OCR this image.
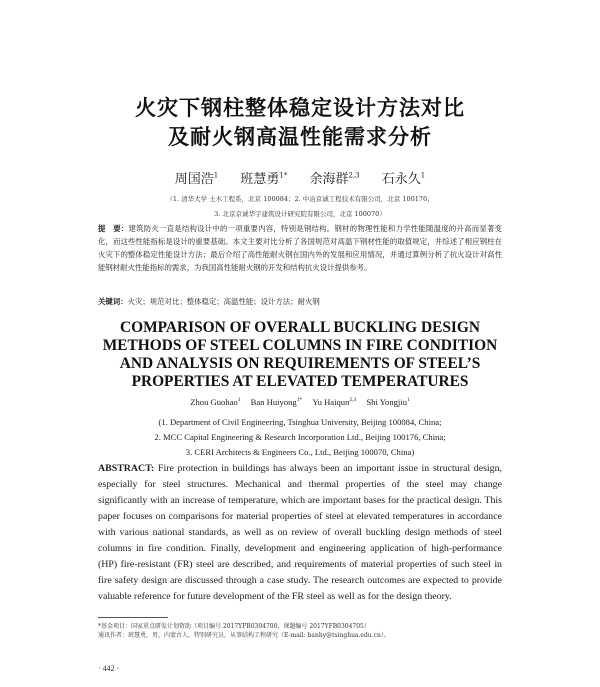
火灾下钢柱整体稳定设计方法对比
及耐火钢高温性能需求分析
周国浩$^1$ 班慧勇$^{1*}$ 余海群$^{2,3}$ 石永久$^1$
（1. 清华大学 土木工程系，北京 100084；2. 中冶京诚工程技术有限公司，北京 100176；
3. 北京京诚华宇建筑设计研究院有限公司，北京 100070）
提　要：建筑防火一直是结构设计中的一项重要内容，特别是钢结构。钢材的物理性能和力学性能随温度的升高而显著变化，而这些性能指标是设计的重要基础。本文主要对比分析了各国规范对高温下钢材性能的取值规定，并综述了相应钢柱在火灾下的整体稳定性能设计方法；最后介绍了高性能耐火钢在国内外的发展和应用情况，并通过算例分析了抗火设计对高性能钢材耐火性能指标的需求，为我国高性能耐火钢的开发和结构抗火设计提供参考。
关键词：火灾；规范对比；整体稳定；高温性能；设计方法；耐火钢
COMPARISON OF OVERALL BUCKLING DESIGN
METHODS OF STEEL COLUMNS IN FIRE CONDITION
AND ANALYSIS ON REQUIREMENTS OF STEEL’S
PROPERTIES AT ELEVATED TEMPERATURES
Zhou Guohao$^1$ Ban Huiyong$^{1*}$ Yu Haiqun$^{2,3}$ Shi Yongjiu$^1$
(1. Department of Civil Engineering, Tsinghua University, Beijing 100084, China;
2. MCC Capital Engineering & Research Incorporation Ltd., Beijing 100176, China;
3. CERI Architects & Engineers Co., Ltd., Beijing 100070, China)
ABSTRACT: Fire protection in buildings has always been an important issue in structural design, especially for steel structures. Mechanical and thermal properties of the steel may change significantly with an increase of temperature, which are important bases for the practical design. This paper focuses on comparisons for material properties of steel at elevated temperatures in accordance with various national standards, as well as on review of overall buckling design methods of steel columns in fire condition. Finally, development and engineering application of high-performance (HP) fire-resistant (FR) steel are described, and requirements of material properties of such steel in fire safety design are discussed through a case study. The research outcomes are expected to provide valuable reference for future development of the FR steel as well as for the design theory.
*基金项目：国家重点研发计划资助（项目编号 2017YFB0304700，课题编号 2017YFB0304705）
通讯作者：班慧勇，男，内蒙古人，特别研究员，从事结构工程研究（E-mail: banhy@tsinghua.edu.cn）。
· 442 ·
